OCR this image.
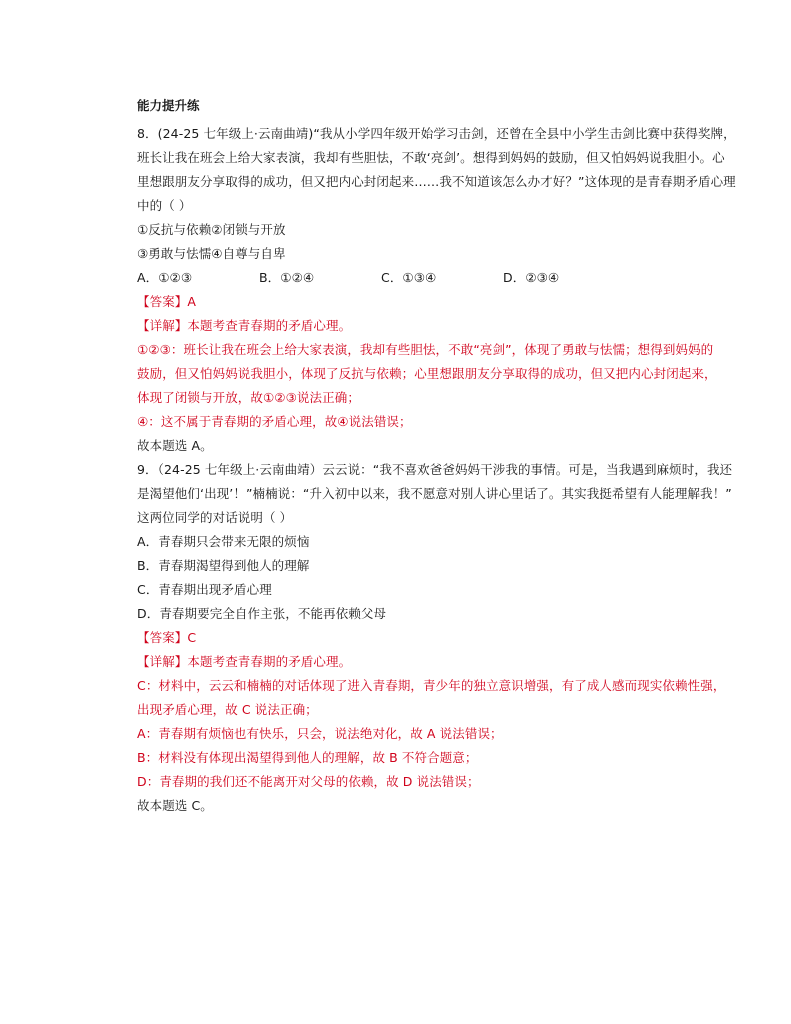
能力提升练
8．(24-25 七年级上·云南曲靖)“我从小学四年级开始学习击剑，还曾在全县中小学生击剑比赛中获得奖牌，
班长让我在班会上给大家表演，我却有些胆怯，不敢‘亮剑’。想得到妈妈的鼓励，但又怕妈妈说我胆小。心
里想跟朋友分享取得的成功，但又把内心封闭起来……我不知道该怎么办才好？”这体现的是青春期矛盾心理
中的（ ）
①反抗与依赖②闭锁与开放
③勇敢与怯懦④自尊与自卑
A．①②③	B．①②④	C．①③④	D．②③④
【答案】A
【详解】本题考查青春期的矛盾心理。
①②③：班长让我在班会上给大家表演，我却有些胆怯，不敢“亮剑”，体现了勇敢与怯懦；想得到妈妈的
鼓励，但又怕妈妈说我胆小，体现了反抗与依赖；心里想跟朋友分享取得的成功，但又把内心封闭起来，
体现了闭锁与开放，故①②③说法正确；
④：这不属于青春期的矛盾心理，故④说法错误；
故本题选 A。
9．（24-25 七年级上·云南曲靖）云云说：“我不喜欢爸爸妈妈干涉我的事情。可是，当我遇到麻烦时，我还
是渴望他们‘出现’！”楠楠说：“升入初中以来，我不愿意对别人讲心里话了。其实我挺希望有人能理解我！”
这两位同学的对话说明（ ）
A．青春期只会带来无限的烦恼
B．青春期渴望得到他人的理解
C．青春期出现矛盾心理
D．青春期要完全自作主张，不能再依赖父母
【答案】C
【详解】本题考查青春期的矛盾心理。
C：材料中，云云和楠楠的对话体现了进入青春期，青少年的独立意识增强，有了成人感而现实依赖性强，
出现矛盾心理，故 C 说法正确；
A：青春期有烦恼也有快乐，只会，说法绝对化，故 A 说法错误；
B：材料没有体现出渴望得到他人的理解，故 B 不符合题意；
D：青春期的我们还不能离开对父母的依赖，故 D 说法错误；
故本题选 C。
